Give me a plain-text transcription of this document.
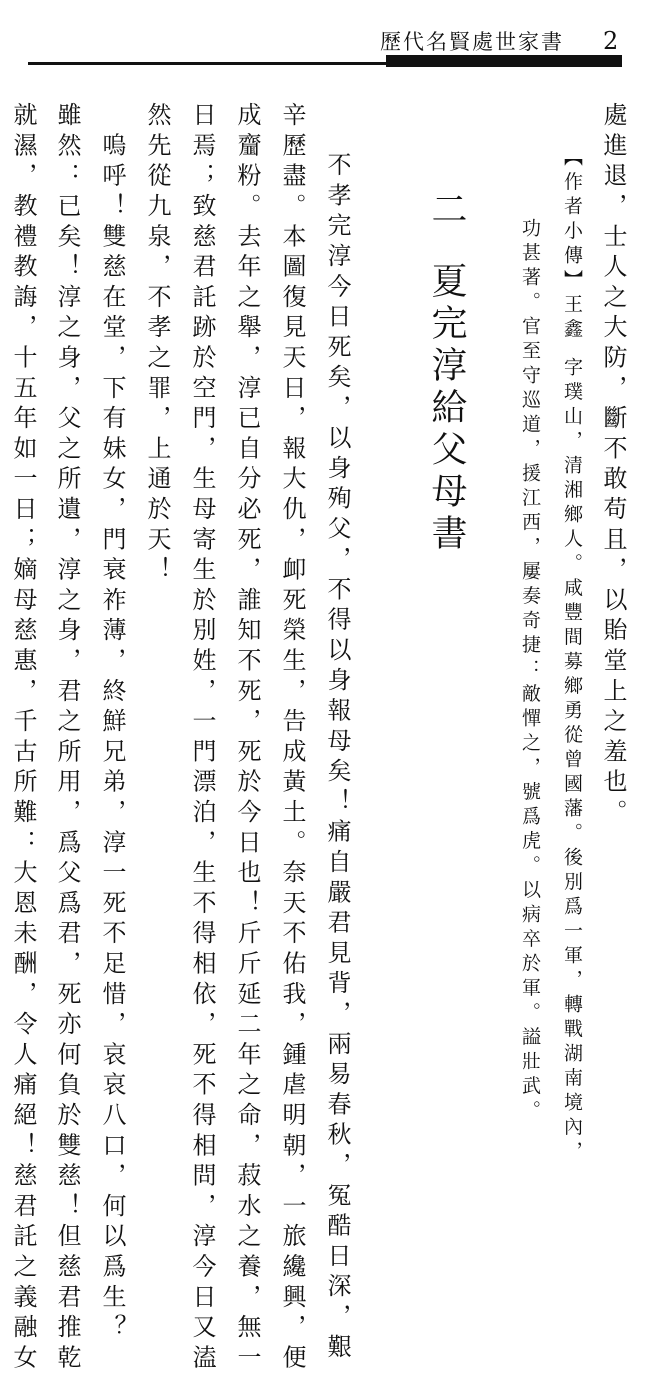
歷代名賢處世家書 2
處進退，士人之大防，斷不敢苟且，以貽堂上之羞也。
【作者小傳】王鑫字璞山，清湘鄉人。咸豐間募鄉勇從曾國藩。後別爲一軍，轉戰湖南境內，
功甚著。官至守巡道，援江西，屢奏奇捷：敵憚之，號爲虎。以病卒於軍。謚壯武。
二夏完淳給父母書
不孝完淳今日死矣，以身殉父，不得以身報母矣！痛自嚴君見背，兩易春秋，冤酷日深，艱
辛歷盡。本圖復見天日，報大仇，卹死榮生，告成黃土。奈天不佑我，鍾虐明朝，一旅纔興，便
成齏粉。去年之舉，淳已自分必死，誰知不死，死於今日也！斤斤延二年之命，菽水之養，無一
日焉；致慈君託跡於空門，生母寄生於別姓，一門漂泊，生不得相依，死不得相問，淳今日又溘
然先從九泉，不孝之罪，上通於天！
　嗚呼！雙慈在堂，下有妹女，門衰祚薄，終鮮兄弟，淳一死不足惜，哀哀八口，何以爲生？
雖然：已矣！淳之身，父之所遺，淳之身，君之所用，爲父爲君，死亦何負於雙慈！但慈君推乾
就濕，教禮教誨，十五年如一日；嫡母慈惠，千古所難：大恩未酬，令人痛絕！慈君託之義融女
